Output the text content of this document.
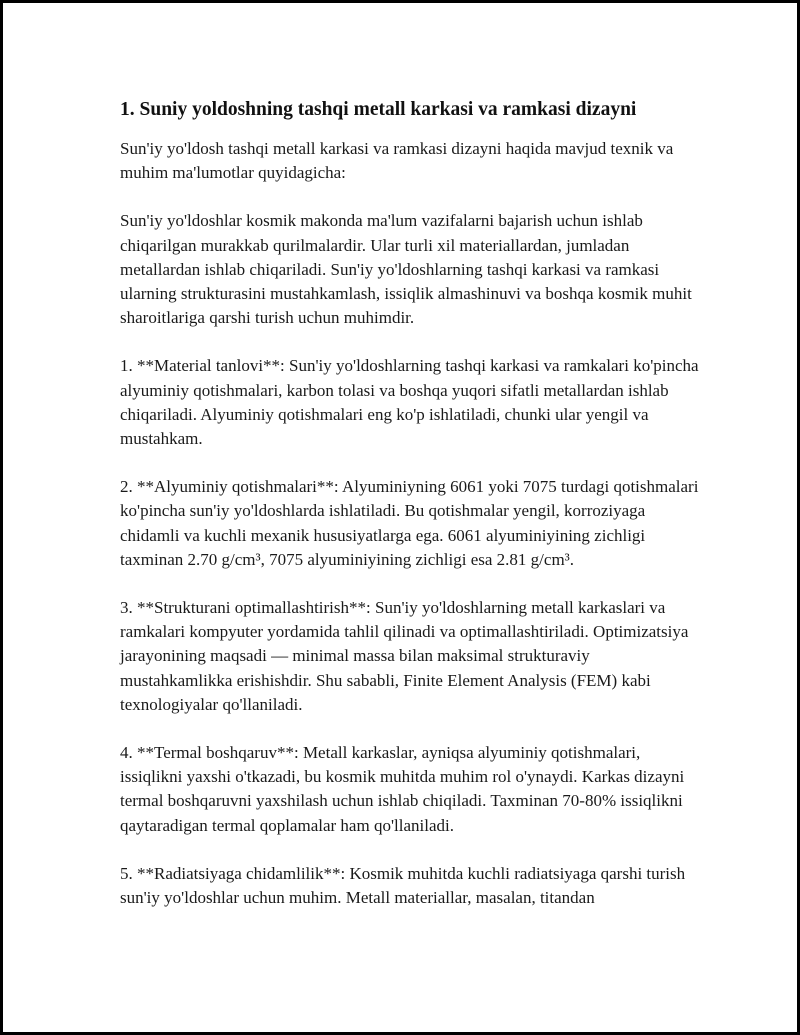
1. Suniy yoldoshning tashqi metall karkasi va ramkasi dizayni

Sun'iy yo'ldosh tashqi metall karkasi va ramkasi dizayni haqida mavjud texnik va muhim ma'lumotlar quyidagicha:

Sun'iy yo'ldoshlar kosmik makonda ma'lum vazifalarni bajarish uchun ishlab chiqarilgan murakkab qurilmalardir. Ular turli xil materiallardan, jumladan metallardan ishlab chiqariladi. Sun'iy yo'ldoshlarning tashqi karkasi va ramkasi ularning strukturasini mustahkamlash, issiqlik almashinuvi va boshqa kosmik muhit sharoitlariga qarshi turish uchun muhimdir.

1. **Material tanlovi**: Sun'iy yo'ldoshlarning tashqi karkasi va ramkalari ko'pincha alyuminiy qotishmalari, karbon tolasi va boshqa yuqori sifatli metallardan ishlab chiqariladi. Alyuminiy qotishmalari eng ko'p ishlatiladi, chunki ular yengil va mustahkam.

2. **Alyuminiy qotishmalari**: Alyuminiyning 6061 yoki 7075 turdagi qotishmalari ko'pincha sun'iy yo'ldoshlarda ishlatiladi. Bu qotishmalar yengil, korroziyaga chidamli va kuchli mexanik hususiyatlarga ega. 6061 alyuminiyining zichligi taxminan 2.70 g/cm³, 7075 alyuminiyining zichligi esa 2.81 g/cm³.

3. **Strukturani optimallashtirish**: Sun'iy yo'ldoshlarning metall karkaslari va ramkalari kompyuter yordamida tahlil qilinadi va optimallashtiriladi. Optimizatsiya jarayonining maqsadi — minimal massa bilan maksimal strukturaviy mustahkamlikka erishishdir. Shu sababli, Finite Element Analysis (FEM) kabi texnologiyalar qo'llaniladi.

4. **Termal boshqaruv**: Metall karkaslar, ayniqsa alyuminiy qotishmalari, issiqlikni yaxshi o'tkazadi, bu kosmik muhitda muhim rol o'ynaydi. Karkas dizayni termal boshqaruvni yaxshilash uchun ishlab chiqiladi. Taxminan 70-80% issiqlikni qaytaradigan termal qoplamalar ham qo'llaniladi.

5. **Radiatsiyaga chidamlilik**: Kosmik muhitda kuchli radiatsiyaga qarshi turish sun'iy yo'ldoshlar uchun muhim. Metall materiallar, masalan, titandan
